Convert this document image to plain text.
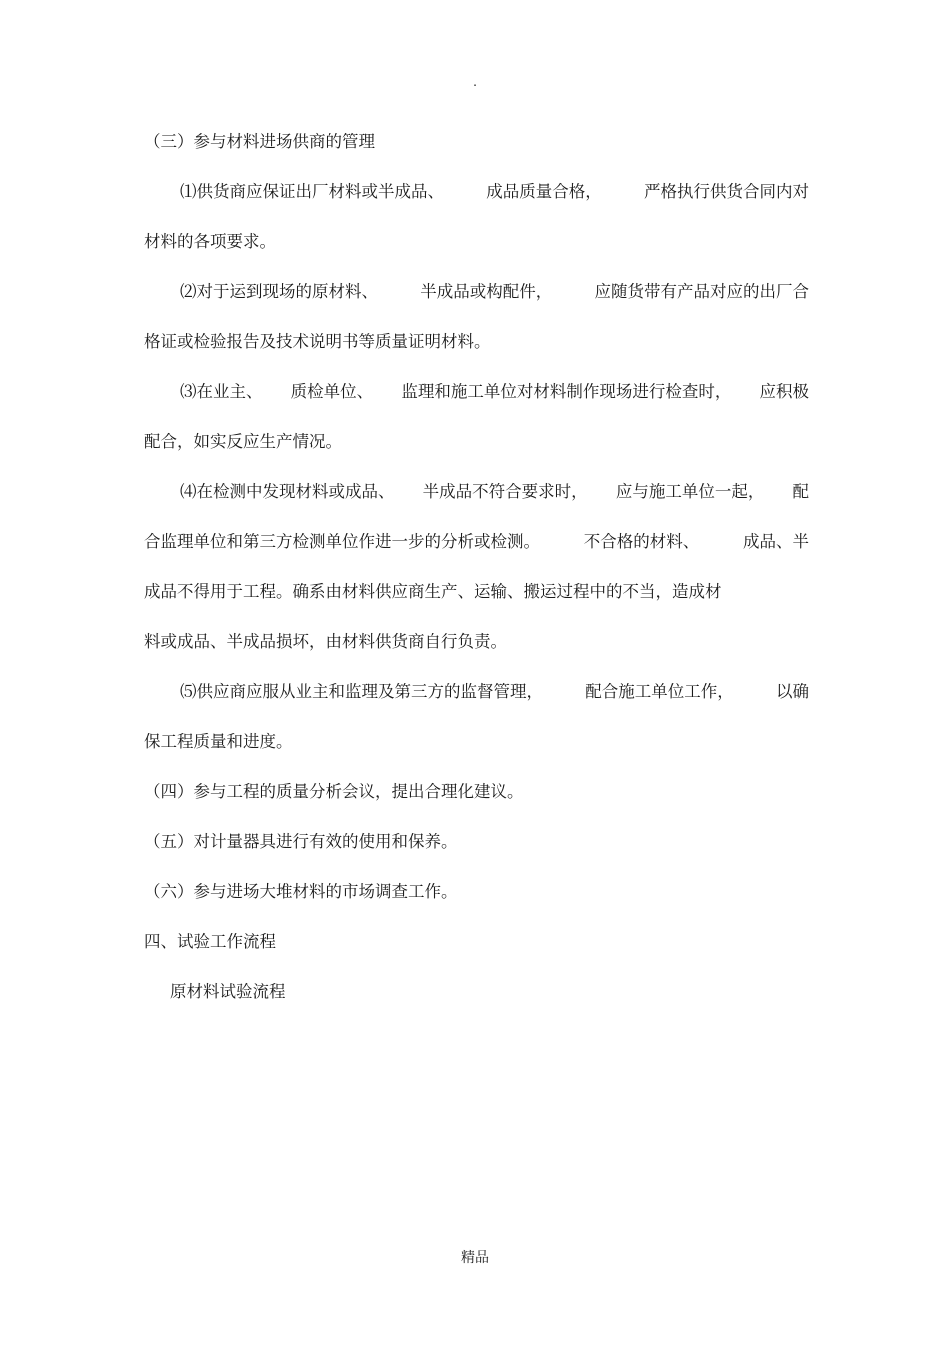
.
（三）参与材料进场供商的管理
⑴供货商应保证出厂材料或半成品、	成品质量合格，	严格执行供货合同内对
材料的各项要求。
⑵对于运到现场的原材料、	半成品或构配件，	应随货带有产品对应的出厂合
格证或检验报告及技术说明书等质量证明材料。
⑶在业主、 质检单位、 监理和施工单位对材料制作现场进行检查时， 应积极
配合，如实反应生产情况。
⑷在检测中发现材料或成品、 半成品不符合要求时， 应与施工单位一起， 配
合监理单位和第三方检测单位作进一步的分析或检测。	不合格的材料、	成品、半
成品不得用于工程。确系由材料供应商生产、运输、搬运过程中的不当，造成材
料或成品、半成品损坏，由材料供货商自行负责。
⑸供应商应服从业主和监理及第三方的监督管理，	配合施工单位工作，	以确
保工程质量和进度。
（四）参与工程的质量分析会议，提出合理化建议。
（五）对计量器具进行有效的使用和保养。
（六）参与进场大堆材料的市场调查工作。
四、试验工作流程
原材料试验流程
精品
